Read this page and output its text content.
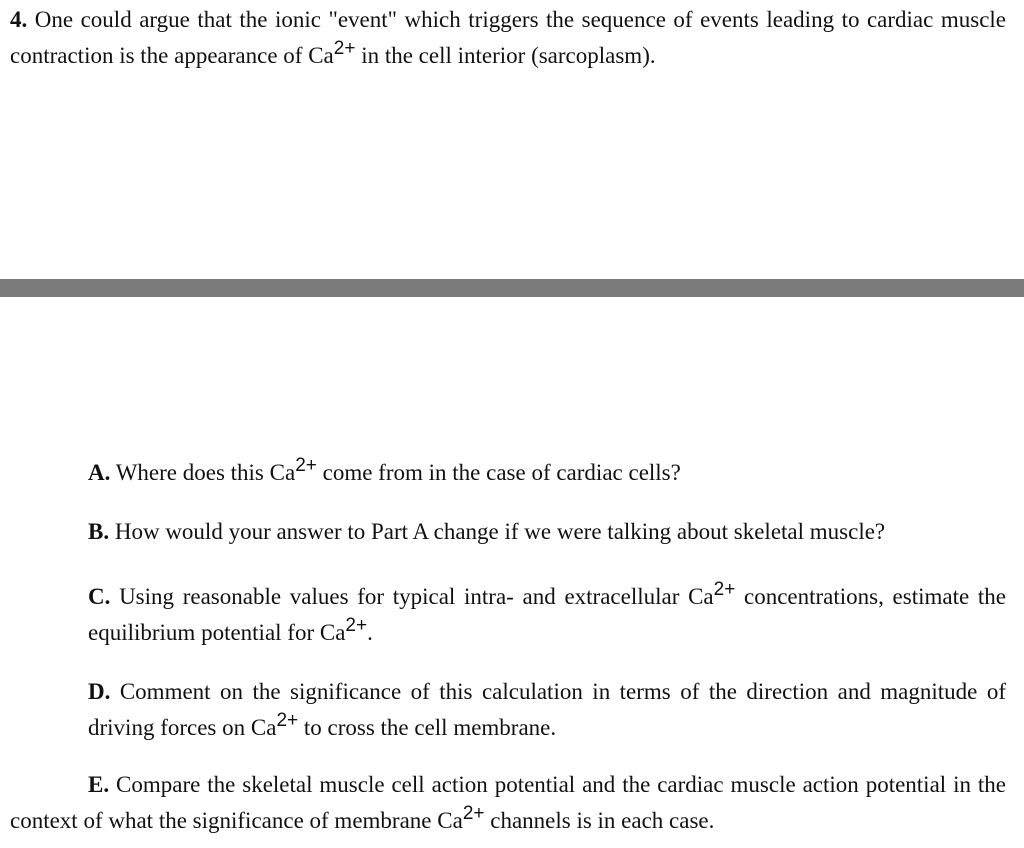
4. One could argue that the ionic "event" which triggers the sequence of events leading to cardiac muscle contraction is the appearance of $Ca^{2+}$ in the cell interior (sarcoplasm).

A. Where does this $Ca^{2+}$ come from in the case of cardiac cells?

B. How would your answer to Part A change if we were talking about skeletal muscle?

C. Using reasonable values for typical intra- and extracellular $Ca^{2+}$ concentrations, estimate the equilibrium potential for $Ca^{2+}$.

D. Comment on the significance of this calculation in terms of the direction and magnitude of driving forces on $Ca^{2+}$ to cross the cell membrane.

E. Compare the skeletal muscle cell action potential and the cardiac muscle action potential in the context of what the significance of membrane $Ca^{2+}$ channels is in each case.
